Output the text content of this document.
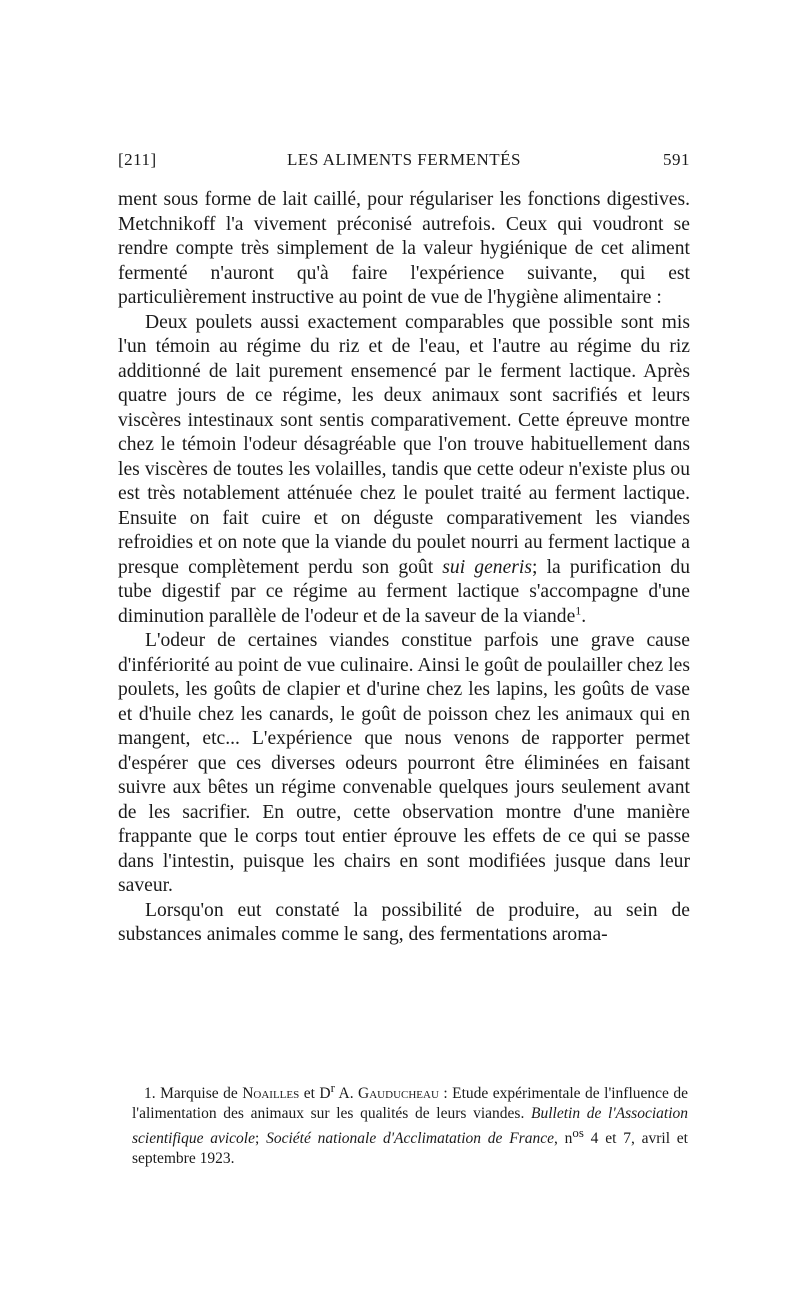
[211]	LES ALIMENTS FERMENTÉS	591

ment sous forme de lait caillé, pour régulariser les fonctions digestives. Metchnikoff l'a vivement préconisé autrefois. Ceux qui voudront se rendre compte très simplement de la valeur hygiénique de cet aliment fermenté n'auront qu'à faire l'expérience suivante, qui est particulièrement instructive au point de vue de l'hygiène alimentaire :

Deux poulets aussi exactement comparables que possible sont mis l'un témoin au régime du riz et de l'eau, et l'autre au régime du riz additionné de lait purement ensemencé par le ferment lactique. Après quatre jours de ce régime, les deux animaux sont sacrifiés et leurs viscères intestinaux sont sentis comparativement. Cette épreuve montre chez le témoin l'odeur désagréable que l'on trouve habituellement dans les viscères de toutes les volailles, tandis que cette odeur n'existe plus ou est très notablement atténuée chez le poulet traité au ferment lactique. Ensuite on fait cuire et on déguste comparativement les viandes refroidies et on note que la viande du poulet nourri au ferment lactique a presque complètement perdu son goût sui generis; la purification du tube digestif par ce régime au ferment lactique s'accompagne d'une diminution parallèle de l'odeur et de la saveur de la viande$^1$.

L'odeur de certaines viandes constitue parfois une grave cause d'infériorité au point de vue culinaire. Ainsi le goût de poulailler chez les poulets, les goûts de clapier et d'urine chez les lapins, les goûts de vase et d'huile chez les canards, le goût de poisson chez les animaux qui en mangent, etc... L'expérience que nous venons de rapporter permet d'espérer que ces diverses odeurs pourront être éliminées en faisant suivre aux bêtes un régime convenable quelques jours seulement avant de les sacrifier. En outre, cette observation montre d'une manière frappante que le corps tout entier éprouve les effets de ce qui se passe dans l'intestin, puisque les chairs en sont modifiées jusque dans leur saveur.

Lorsqu'on eut constaté la possibilité de produire, au sein de substances animales comme le sang, des fermentations aroma-

1. Marquise de Noailles et $D^r$ A. Gauducheau : Etude expérimentale de l'influence de l'alimentation des animaux sur les qualités de leurs viandes. Bulletin de l'Association scientifique avicole; Société nationale d'Acclimatation de France, $n^{os}$ 4 et 7, avril et septembre 1923.
